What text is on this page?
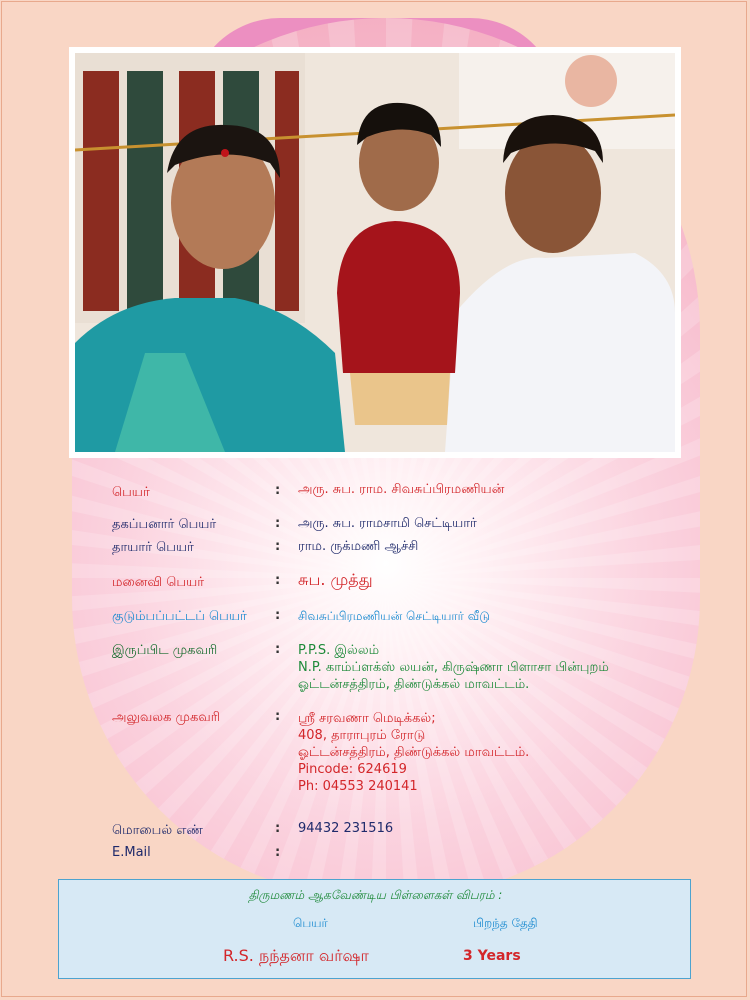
பெயர்	: அரு. சுப. ராம. சிவசுப்பிரமணியன்
தகப்பனார் பெயர்	: அரு. சுப. ராமசாமி செட்டியார்
தாயார் பெயர்	: ராம. ருக்மணி ஆச்சி
மனைவி பெயர்	: சுப. முத்து
குடும்பப்பட்டப் பெயர் : சிவசுப்பிரமணியன் செட்டியார் வீடு
இருப்பிட முகவரி	: P.P.S. இல்லம்
N.P. காம்ப்ளக்ஸ் லயன், கிருஷ்ணா பிளாசா பின்புறம்
ஓட்டன்சத்திரம், திண்டுக்கல் மாவட்டம்.
அலுவலக முகவரி	: ஸ்ரீ சரவணா மெடிக்கல்;
408, தாராபுரம் ரோடு
ஓட்டன்சத்திரம், திண்டுக்கல் மாவட்டம்.
Pincode: 624619
Ph: 04553 240141
மொபைல் எண்	: 94432 231516
E.Mail	:
திருமணம் ஆகவேண்டிய பிள்ளைகள் விபரம் :
பெயர்	பிறந்த தேதி
R.S. நந்தனா வர்ஷா	3 Years
